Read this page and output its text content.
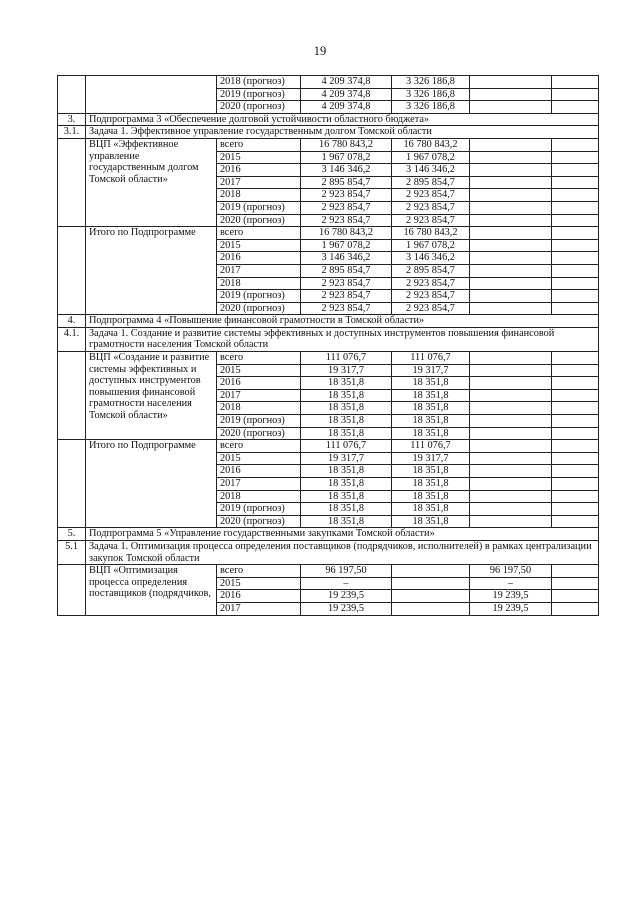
19
		2018 (прогноз)	4 209 374,8	3 326 186,8		
		2019 (прогноз)	4 209 374,8	3 326 186,8		
		2020 (прогноз)	4 209 374,8	3 326 186,8		
3.	Подпрограмма 3 «Обеспечение долговой устойчивости областного бюджета»					
3.1.	Задача 1. Эффективное управление государственным долгом Томской области					
	ВЦП «Эффективное управление государственным долгом Томской области»	всего	16 780 843,2	16 780 843,2		
		2015	1 967 078,2	1 967 078,2		
		2016	3 146 346,2	3 146 346,2		
		2017	2 895 854,7	2 895 854,7		
		2018	2 923 854,7	2 923 854,7		
		2019 (прогноз)	2 923 854,7	2 923 854,7		
		2020 (прогноз)	2 923 854,7	2 923 854,7		
	Итого по Подпрограмме	всего	16 780 843,2	16 780 843,2		
		2015	1 967 078,2	1 967 078,2		
		2016	3 146 346,2	3 146 346,2		
		2017	2 895 854,7	2 895 854,7		
		2018	2 923 854,7	2 923 854,7		
		2019 (прогноз)	2 923 854,7	2 923 854,7		
		2020 (прогноз)	2 923 854,7	2 923 854,7		
4.	Подпрограмма 4 «Повышение финансовой грамотности в Томской области»					
4.1.	Задача 1. Создание и развитие системы эффективных и доступных инструментов повышения финансовой грамотности населения Томской области					
	ВЦП «Создание и развитие системы эффективных и доступных инструментов повышения финансовой грамотности населения Томской области»	всего	111 076,7	111 076,7		
		2015	19 317,7	19 317,7		
		2016	18 351,8	18 351,8		
		2017	18 351,8	18 351,8		
		2018	18 351,8	18 351,8		
		2019 (прогноз)	18 351,8	18 351,8		
		2020 (прогноз)	18 351,8	18 351,8		
	Итого по Подпрограмме	всего	111 076,7	111 076,7		
		2015	19 317,7	19 317,7		
		2016	18 351,8	18 351,8		
		2017	18 351,8	18 351,8		
		2018	18 351,8	18 351,8		
		2019 (прогноз)	18 351,8	18 351,8		
		2020 (прогноз)	18 351,8	18 351,8		
5.	Подпрограмма 5 «Управление государственными закупками Томской области»					
5.1	Задача 1. Оптимизация процесса определения поставщиков (подрядчиков, исполнителей) в рамках централизации закупок Томской области					
	ВЦП «Оптимизация процесса определения поставщиков (подрядчиков,	всего	96 197,50		96 197,50	
		2015	–		–	
		2016	19 239,5		19 239,5	
		2017	19 239,5		19 239,5	
